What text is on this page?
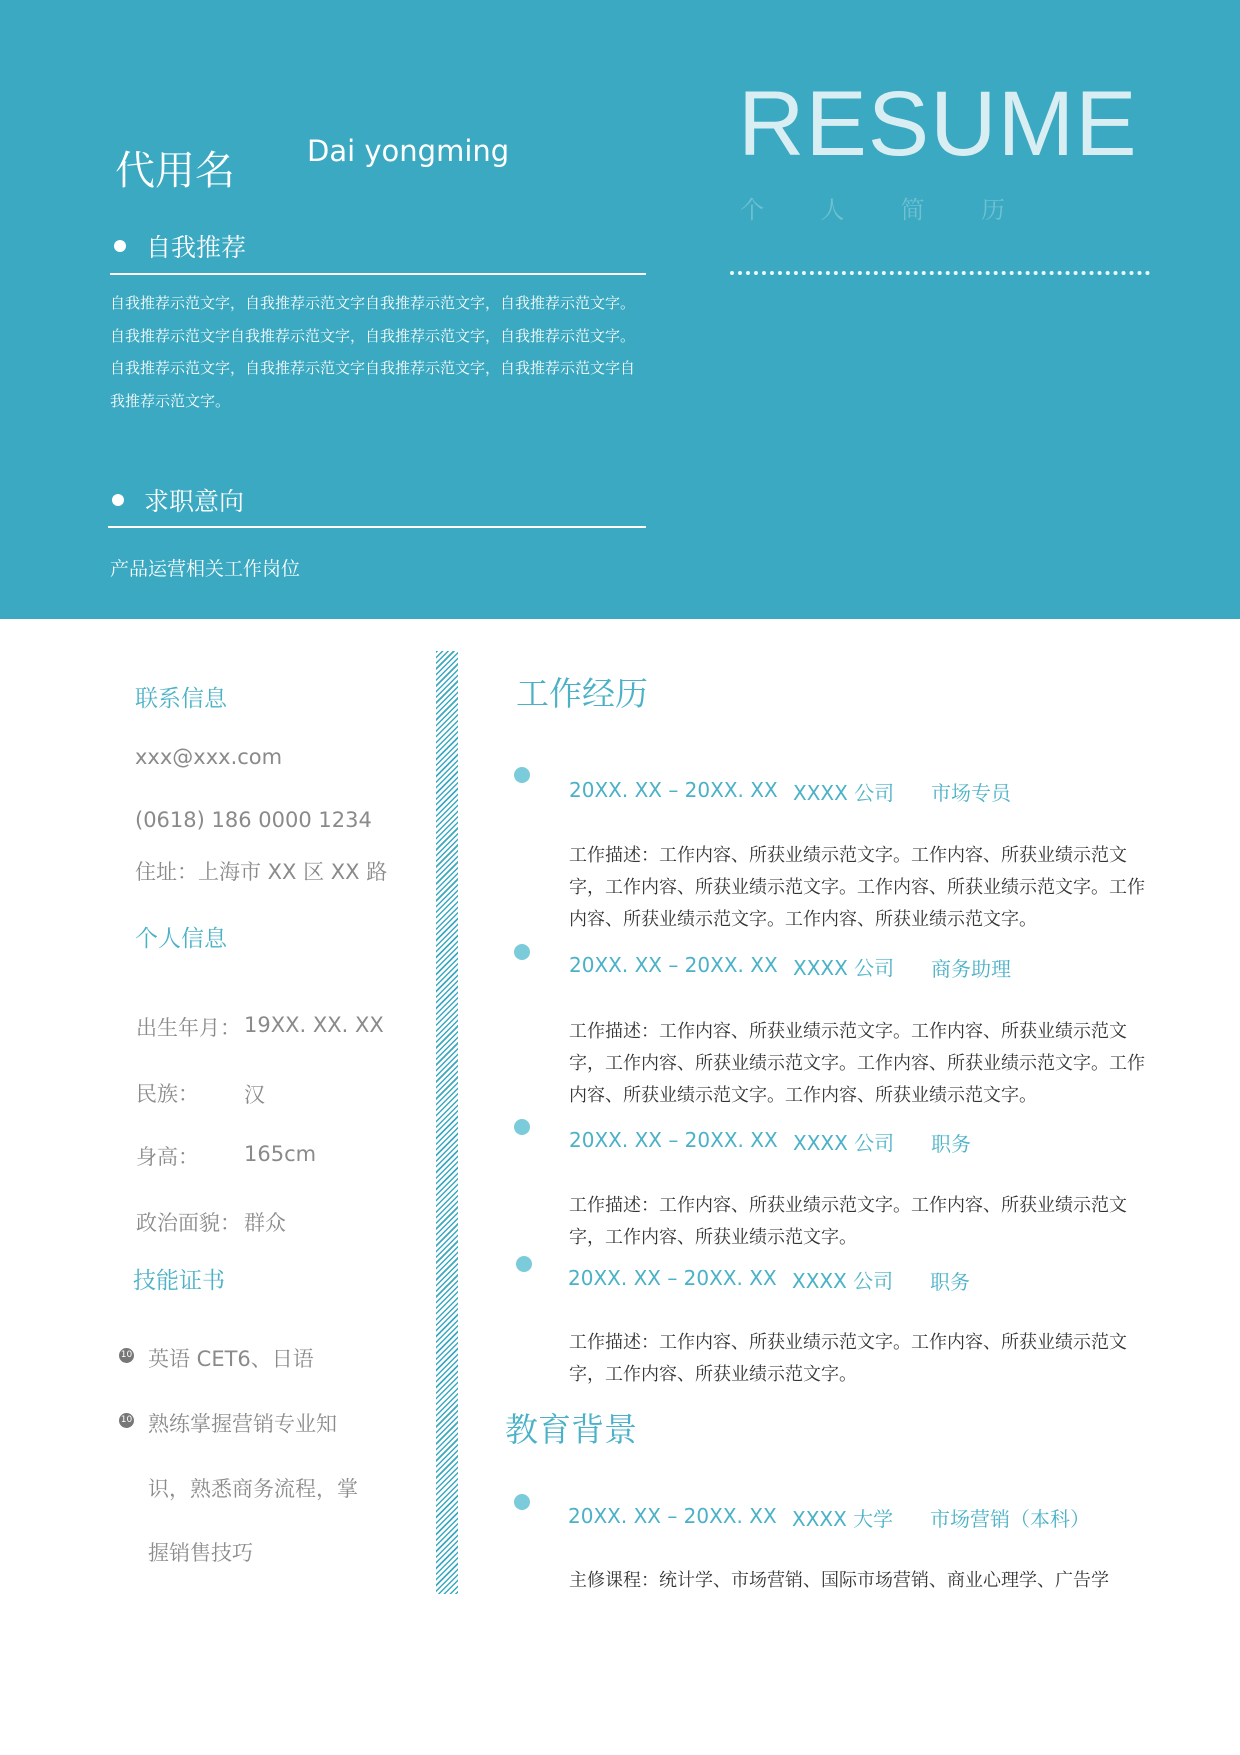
代用名 Dai yongming RESUME
个 人 简 历
自我推荐
自我推荐示范文字，自我推荐示范文字自我推荐示范文字，自我推荐示范文字。自我推荐示范文字自我推荐示范文字，自我推荐示范文字，自我推荐示范文字。
自我推荐示范文字，自我推荐示范文字自我推荐示范文字，自我推荐示范文字自我推荐示范文字。
求职意向
产品运营相关工作岗位
联系信息
xxx@xxx.com
(0618) 186 0000 1234
住址：上海市 XX 区 XX 路
个人信息
出生年月： 19XX. XX. XX
民族： 汉
身高： 165cm
政治面貌： 群众
技能证书
10 英语 CET6、日语
10 熟练掌握营销专业知
识，熟悉商务流程，掌
握销售技巧
工作经历
20XX. XX – 20XX. XX XXXX 公司 市场专员
工作描述：工作内容、所获业绩示范文字。工作内容、所获业绩示范文字，工作内容、所获业绩示范文字。工作内容、所获业绩示范文字。工作内容、所获业绩示范文字。工作内容、所获业绩示范文字。
20XX. XX – 20XX. XX XXXX 公司 商务助理
工作描述：工作内容、所获业绩示范文字。工作内容、所获业绩示范文字，工作内容、所获业绩示范文字。工作内容、所获业绩示范文字。工作内容、所获业绩示范文字。工作内容、所获业绩示范文字。
20XX. XX – 20XX. XX XXXX 公司 职务
工作描述：工作内容、所获业绩示范文字。工作内容、所获业绩示范文字，工作内容、所获业绩示范文字。
20XX. XX – 20XX. XX XXXX 公司 职务
工作描述：工作内容、所获业绩示范文字。工作内容、所获业绩示范文字，工作内容、所获业绩示范文字。
教育背景
20XX. XX – 20XX. XX XXXX 大学 市场营销（本科）
主修课程：统计学、市场营销、国际市场营销、商业心理学、广告学
